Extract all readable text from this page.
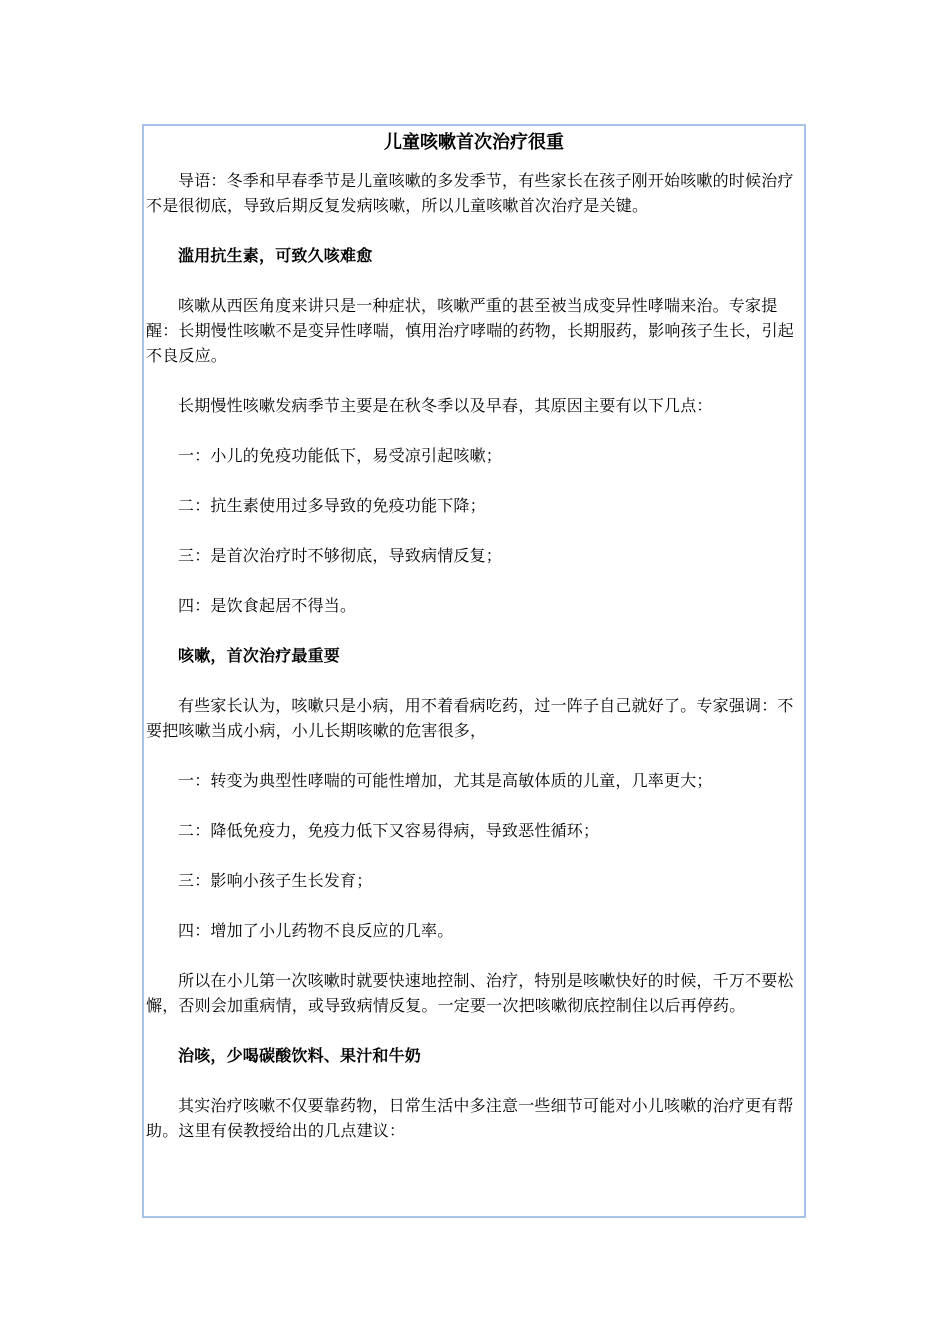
儿童咳嗽首次治疗很重

导语：冬季和早春季节是儿童咳嗽的多发季节，有些家长在孩子刚开始咳嗽的时候治疗不是很彻底，导致后期反复发病咳嗽，所以儿童咳嗽首次治疗是关键。

滥用抗生素，可致久咳难愈

咳嗽从西医角度来讲只是一种症状，咳嗽严重的甚至被当成变异性哮喘来治。专家提醒：长期慢性咳嗽不是变异性哮喘，慎用治疗哮喘的药物，长期服药，影响孩子生长，引起不良反应。

长期慢性咳嗽发病季节主要是在秋冬季以及早春，其原因主要有以下几点：

一：小儿的免疫功能低下，易受凉引起咳嗽；

二：抗生素使用过多导致的免疫功能下降；

三：是首次治疗时不够彻底，导致病情反复；

四：是饮食起居不得当。

咳嗽，首次治疗最重要

有些家长认为，咳嗽只是小病，用不着看病吃药，过一阵子自己就好了。专家强调：不要把咳嗽当成小病，小儿长期咳嗽的危害很多，

一：转变为典型性哮喘的可能性增加，尤其是高敏体质的儿童，几率更大；

二：降低免疫力，免疫力低下又容易得病，导致恶性循环；

三：影响小孩子生长发育；

四：增加了小儿药物不良反应的几率。

所以在小儿第一次咳嗽时就要快速地控制、治疗，特别是咳嗽快好的时候，千万不要松懈，否则会加重病情，或导致病情反复。一定要一次把咳嗽彻底控制住以后再停药。

治咳，少喝碳酸饮料、果汁和牛奶

其实治疗咳嗽不仅要靠药物，日常生活中多注意一些细节可能对小儿咳嗽的治疗更有帮助。这里有侯教授给出的几点建议：
